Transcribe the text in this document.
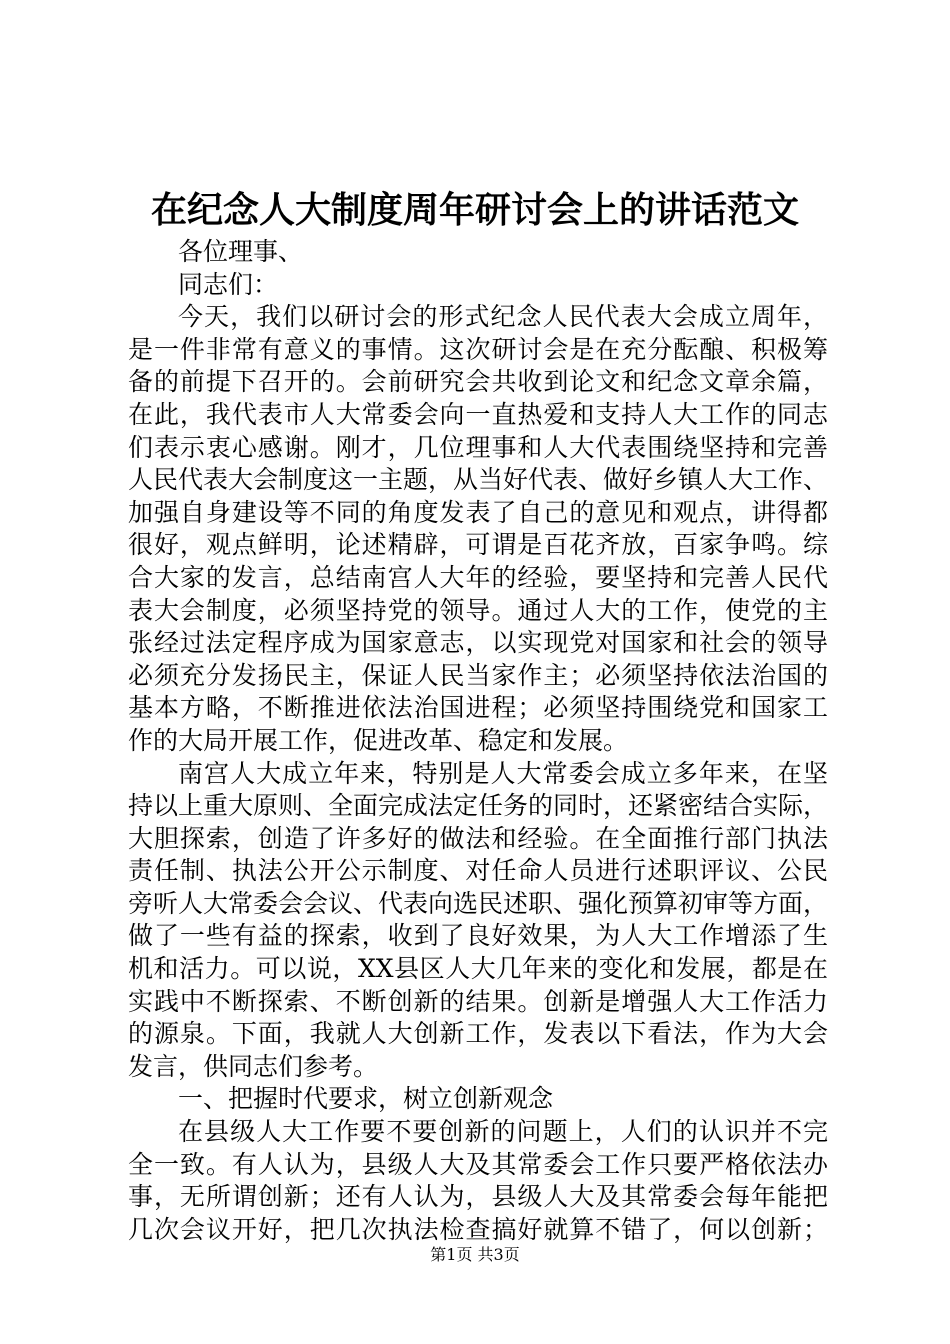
在纪念人大制度周年研讨会上的讲话范文
各位理事、
同志们：
今天，我们以研讨会的形式纪念人民代表大会成立周年，
是一件非常有意义的事情。这次研讨会是在充分酝酿、积极筹
备的前提下召开的。会前研究会共收到论文和纪念文章余篇，
在此，我代表市人大常委会向一直热爱和支持人大工作的同志
们表示衷心感谢。刚才，几位理事和人大代表围绕坚持和完善
人民代表大会制度这一主题，从当好代表、做好乡镇人大工作、
加强自身建设等不同的角度发表了自己的意见和观点，讲得都
很好，观点鲜明，论述精辟，可谓是百花齐放，百家争鸣。综
合大家的发言，总结南宫人大年的经验，要坚持和完善人民代
表大会制度，必须坚持党的领导。通过人大的工作，使党的主
张经过法定程序成为国家意志，以实现党对国家和社会的领导
必须充分发扬民主，保证人民当家作主；必须坚持依法治国的
基本方略，不断推进依法治国进程；必须坚持围绕党和国家工
作的大局开展工作，促进改革、稳定和发展。
南宫人大成立年来，特别是人大常委会成立多年来，在坚
持以上重大原则、全面完成法定任务的同时，还紧密结合实际，
大胆探索，创造了许多好的做法和经验。在全面推行部门执法
责任制、执法公开公示制度、对任命人员进行述职评议、公民
旁听人大常委会会议、代表向选民述职、强化预算初审等方面，
做了一些有益的探索，收到了良好效果，为人大工作增添了生
机和活力。可以说，XX县区人大几年来的变化和发展，都是在
实践中不断探索、不断创新的结果。创新是增强人大工作活力
的源泉。下面，我就人大创新工作，发表以下看法，作为大会
发言，供同志们参考。
一、把握时代要求，树立创新观念
在县级人大工作要不要创新的问题上，人们的认识并不完
全一致。有人认为，县级人大及其常委会工作只要严格依法办
事，无所谓创新；还有人认为，县级人大及其常委会每年能把
几次会议开好，把几次执法检查搞好就算不错了，何以创新；
第1页 共3页
